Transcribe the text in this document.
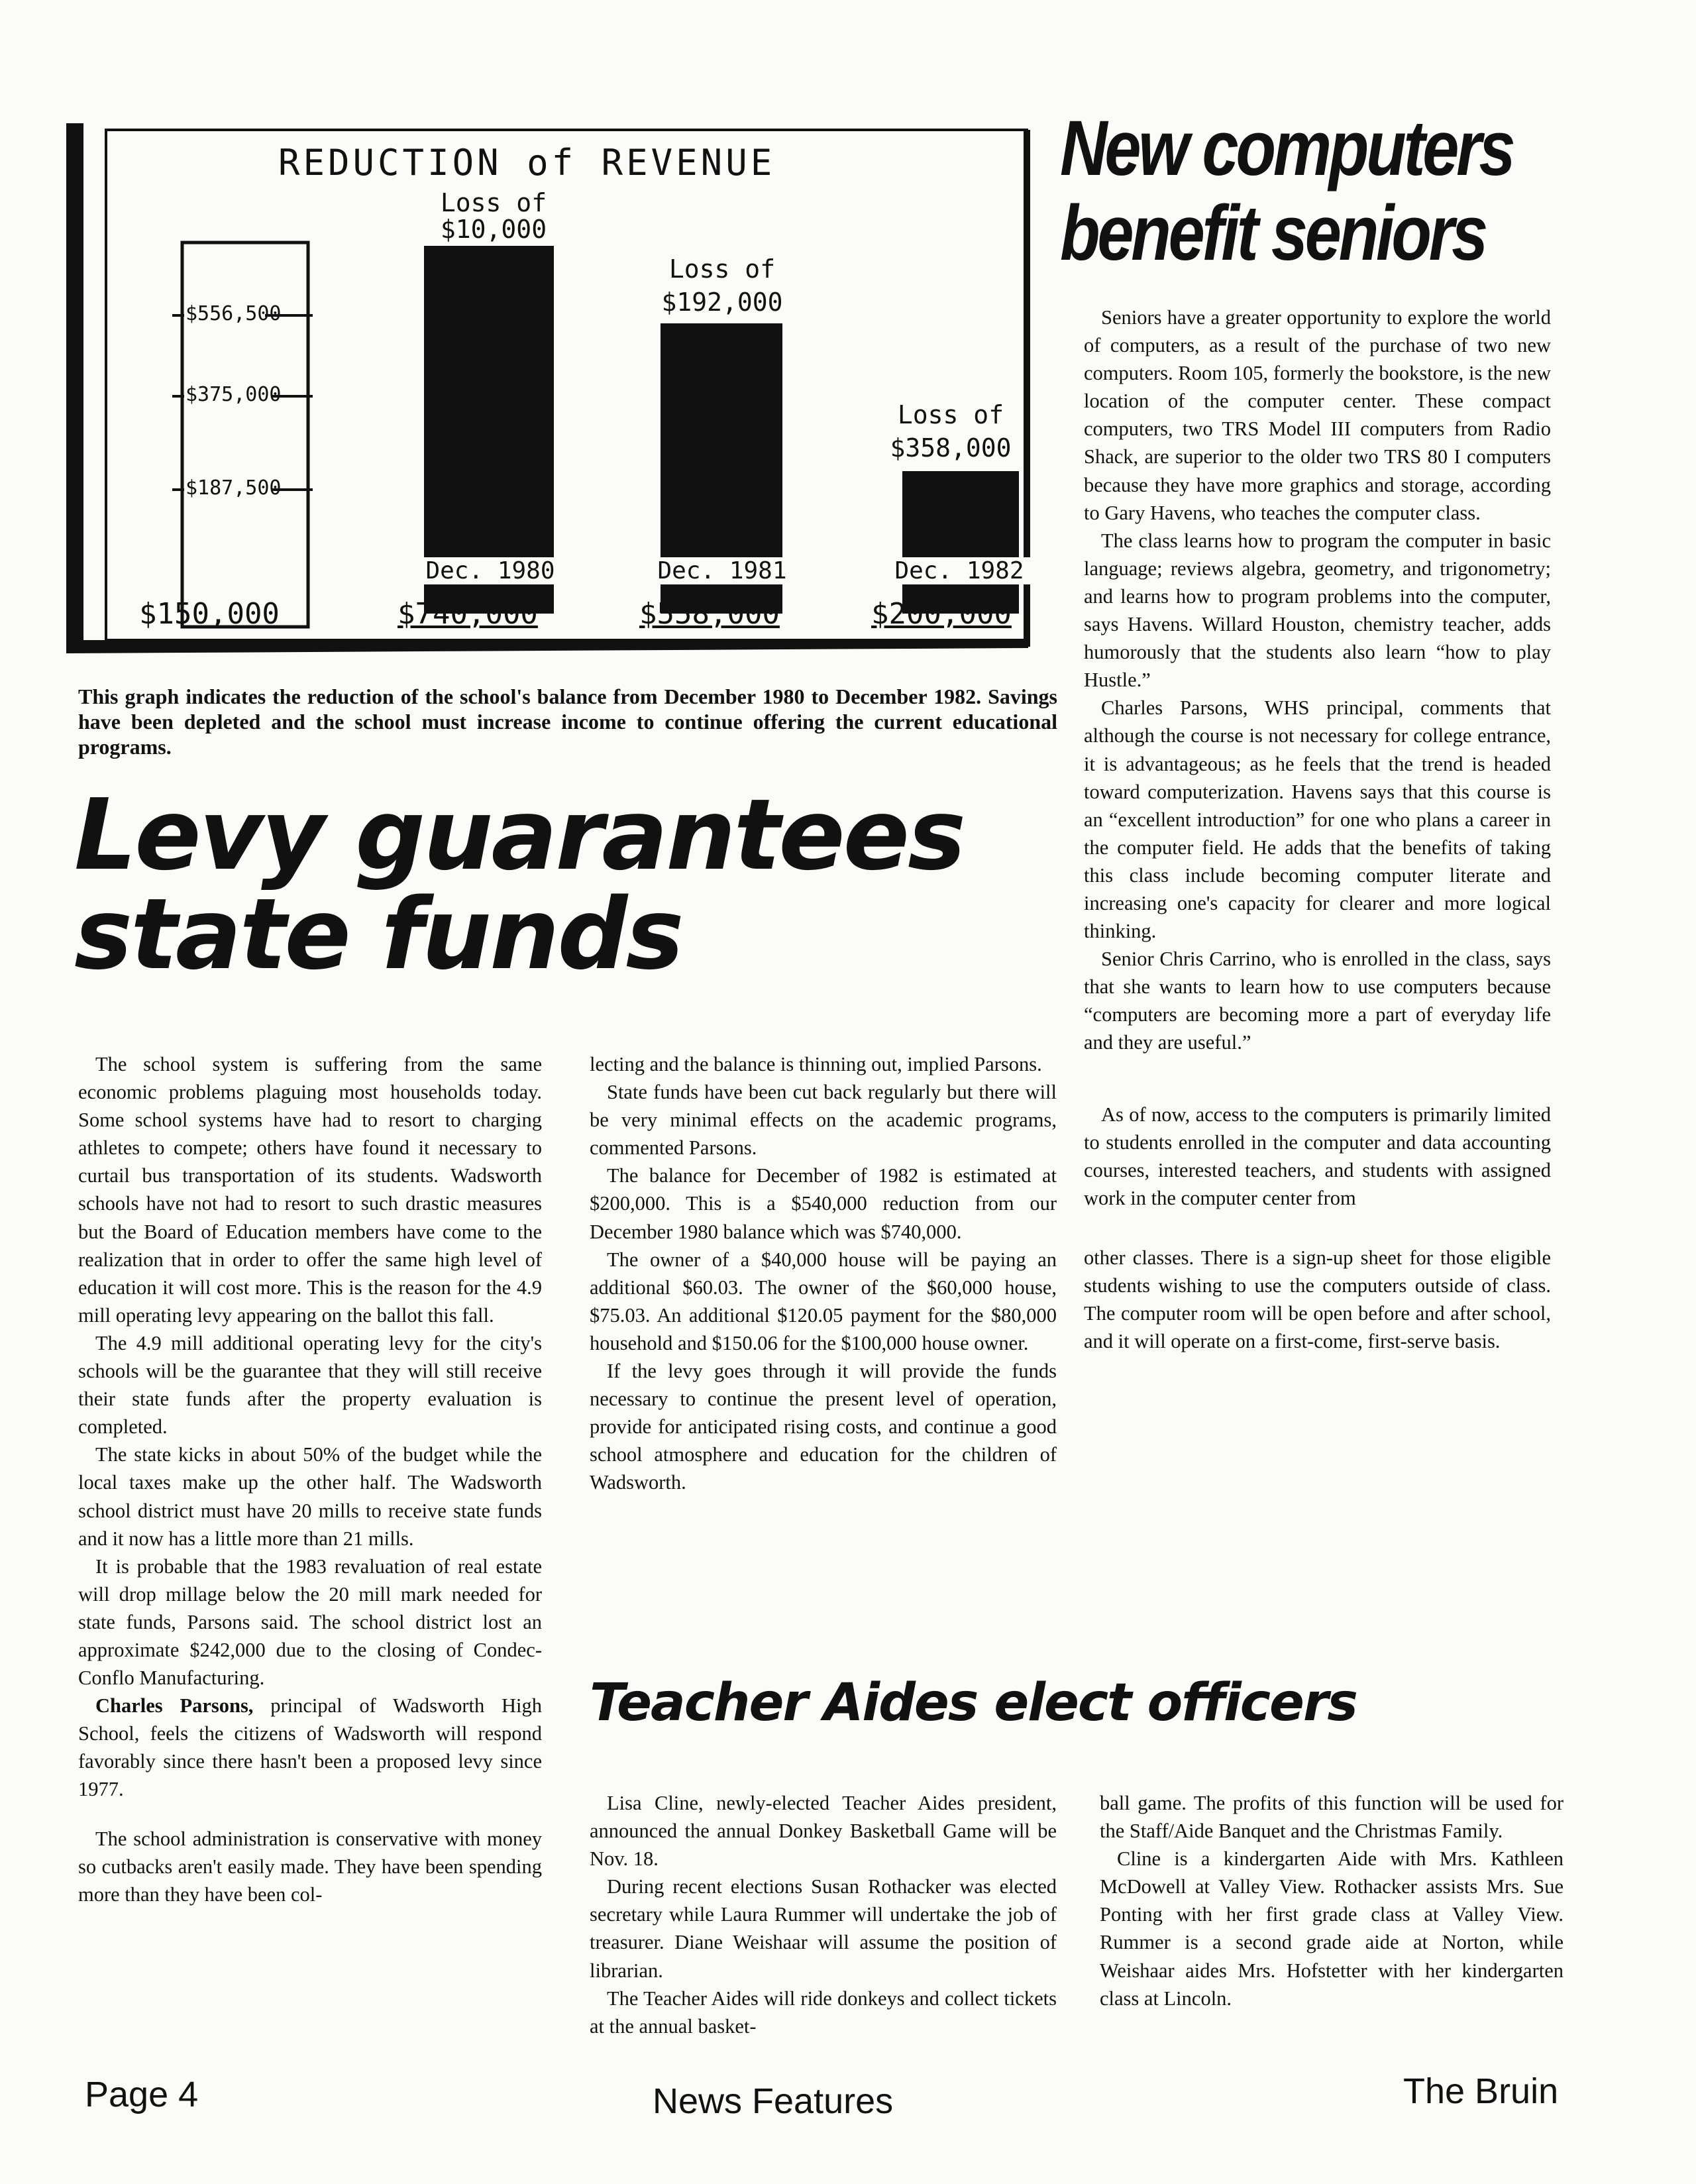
REDUCTION of REVENUE
Loss of
$10,000
Loss of
$192,000
Loss of
$358,000
$556,500
$375,000
$187,500
Dec. 1980	Dec. 1981	Dec. 1982
$150,000	$740,000	$558,000	$200,000
This graph indicates the reduction of the school's balance from December 1980 to December 1982. Savings have been depleted and the school must increase income to continue offering the current educational programs.
Levy guarantees
state funds

The school system is suffering from the same economic problems plaguing most households today. Some school systems have had to resort to charging athletes to compete; others have found it necessary to curtail bus transportation of its students. Wadsworth schools have not had to resort to such drastic measures but the Board of Education members have come to the realization that in order to offer the same high level of education it will cost more. This is the reason for the 4.9 mill operating levy appearing on the ballot this fall.

The 4.9 mill additional operating levy for the city's schools will be the guarantee that they will still receive their state funds after the property evaluation is completed.

The state kicks in about 50% of the budget while the local taxes make up the other half. The Wadsworth school district must have 20 mills to receive state funds and it now has a little more than 21 mills.

It is probable that the 1983 revaluation of real estate will drop millage below the 20 mill mark needed for state funds, Parsons said. The school district lost an approximate $242,000 due to the closing of Condec-Conflo Manufacturing.

Charles Parsons, principal of Wadsworth High School, feels the citizens of Wadsworth will respond favorably since there hasn't been a proposed levy since 1977.

The school administration is conservative with money so cutbacks aren't easily made. They have been spending more than they have been col-

lecting and the balance is thinning out, implied Parsons.

State funds have been cut back regularly but there will be very minimal effects on the academic programs, commented Parsons.

The balance for December of 1982 is estimated at $200,000. This is a $540,000 reduction from our December 1980 balance which was $740,000.

The owner of a $40,000 house will be paying an additional $60.03. The owner of the $60,000 house, $75.03. An additional $120.05 payment for the $80,000 household and $150.06 for the $100,000 house owner.

If the levy goes through it will provide the funds necessary to continue the present level of operation, provide for anticipated rising costs, and continue a good school atmosphere and education for the children of Wadsworth.

New computers
benefit seniors

Seniors have a greater opportunity to explore the world of computers, as a result of the purchase of two new computers. Room 105, formerly the bookstore, is the new location of the computer center. These compact computers, two TRS Model III computers from Radio Shack, are superior to the older two TRS 80 I computers because they have more graphics and storage, according to Gary Havens, who teaches the computer class.

The class learns how to program the computer in basic language; reviews algebra, geometry, and trigonometry; and learns how to program problems into the computer, says Havens. Willard Houston, chemistry teacher, adds humorously that the students also learn “how to play Hustle.”

Charles Parsons, WHS principal, comments that although the course is not necessary for college entrance, it is advantageous; as he feels that the trend is headed toward computerization. Havens says that this course is an “excellent introduction” for one who plans a career in the computer field. He adds that the benefits of taking this class include becoming computer literate and increasing one's capacity for clearer and more logical thinking.

Senior Chris Carrino, who is enrolled in the class, says that she wants to learn how to use computers because “computers are becoming more a part of everyday life and they are useful.”

As of now, access to the computers is primarily limited to students enrolled in the computer and data accounting courses, interested teachers, and students with assigned work in the computer center from

other classes. There is a sign-up sheet for those eligible students wishing to use the computers outside of class. The computer room will be open before and after school, and it will operate on a first-come, first-serve basis.

Teacher Aides elect officers

Lisa Cline, newly-elected Teacher Aides president, announced the annual Donkey Basketball Game will be Nov. 18.

During recent elections Susan Rothacker was elected secretary while Laura Rummer will undertake the job of treasurer. Diane Weishaar will assume the position of librarian.

The Teacher Aides will ride donkeys and collect tickets at the annual basket-

ball game. The profits of this function will be used for the Staff/Aide Banquet and the Christmas Family.

Cline is a kindergarten Aide with Mrs. Kathleen McDowell at Valley View. Rothacker assists Mrs. Sue Ponting with her first grade class at Valley View. Rummer is a second grade aide at Norton, while Weishaar aides Mrs. Hofstetter with her kindergarten class at Lincoln.

Page 4	News Features	The Bruin
